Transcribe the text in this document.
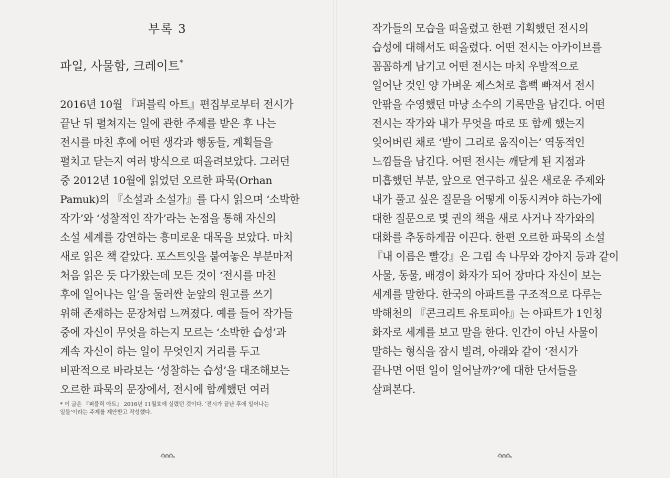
부록 3
파일, 사물함, 크레이트*
2016년 10월 『퍼블릭 아트』편집부로부터 전시가
끝난 뒤 펼쳐지는 일에 관한 주제를 받은 후 나는
전시를 마친 후에 어떤 생각과 행동들, 계획들을
펼치고 닫는지 여러 방식으로 떠올려보았다. 그러던
중 2012년 10월에 읽었던 오르한 파묵(Orhan
Pamuk)의 『소설과 소설가』를 다시 읽으며 ‘소박한
작가’와 ‘성찰적인 작가’라는 논점을 통해 자신의
소설 세계를 강연하는 흥미로운 대목을 보았다. 마치
새로 읽은 책 같았다. 포스트잇을 붙여놓은 부분마저
처음 읽은 듯 다가왔는데 모든 것이 ‘전시를 마친
후에 일어나는 일’을 둘러싼 눈앞의 원고를 쓰기
위해 존재하는 문장처럼 느껴졌다. 예를 들어 작가들
중에 자신이 무엇을 하는지 모르는 ‘소박한 습성’과
계속 자신이 하는 일이 무엇인지 거리를 두고
비판적으로 바라보는 ‘성찰하는 습성’을 대조해보는
오르한 파묵의 문장에서, 전시에 함께했던 여러
* 이 글은 『퍼블릭 아트』 2016년 11월호에 실렸던 것이다. ‘전시가 끝난 후에 일어나는
일들’이라는 주제를 제안받고 작성했다.
작가들의 모습을 떠올렸고 한편 기획했던 전시의
습성에 대해서도 떠올렸다. 어떤 전시는 아카이브를
꼼꼼하게 남기고 어떤 전시는 마치 우발적으로
일어난 것인 양 가벼운 제스처로 흠뻑 빠져서 전시
안팎을 수영했던 마냥 소수의 기록만을 남긴다. 어떤
전시는 작가와 내가 무엇을 따로 또 함께 했는지
잊어버린 채로 ‘발이 그리로 움직이는’ 역동적인
느낌들을 남긴다. 어떤 전시는 깨닫게 된 지점과
미흡했던 부분, 앞으로 연구하고 싶은 새로운 주제와
내가 풀고 싶은 질문을 어떻게 이동시켜야 하는가에
대한 질문으로 몇 권의 책을 새로 사거나 작가와의
대화를 추동하게끔 이끈다. 한편 오르한 파묵의 소설
『내 이름은 빨강』은 그림 속 나무와 강아지 등과 같이
사물, 동물, 배경이 화자가 되어 장마다 자신이 보는
세계를 말한다. 한국의 아파트를 구조적으로 다루는
박해천의 『콘크리트 유토피아』는 아파트가 1인칭
화자로 세계를 보고 말을 한다. 인간이 아닌 사물이
말하는 형식을 잠시 빌려, 아래와 같이 ‘전시가
끝나면 어떤 일이 일어날까?’에 대한 단서들을
살펴본다.
